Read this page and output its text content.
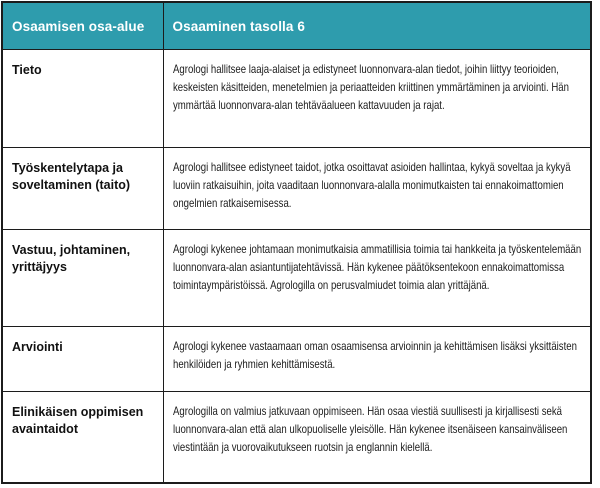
Osaamisen osa-alue	Osaaminen tasolla 6
Tieto	Agrologi hallitsee laaja-alaiset ja edistyneet luonnonvara-alan tiedot, joihin liittyy teorioiden, keskeisten käsitteiden, menetelmien ja periaatteiden kriittinen ymmärtäminen ja arviointi. Hän ymmärtää luonnonvara-alan tehtäväalueen kattavuuden ja rajat.

Työskentelytapa ja soveltaminen (taito)	Agrologi hallitsee edistyneet taidot, jotka osoittavat asioiden hallintaa, kykyä soveltaa ja kykyä luoviin ratkaisuihin, joita vaaditaan luonnonvara-alalla monimutkaisten tai ennakoimattomien ongelmien ratkaisemisessa.

Vastuu, johtaminen, yrittäjyys	Agrologi kykenee johtamaan monimutkaisia ammatillisia toimia tai hankkeita ja työskentelemään luonnonvara-alan asiantuntijatehtävissä. Hän kykenee päätöksentekoon ennakoimattomissa toimintaympäristöissä. Agrologilla on perusvalmiudet toimia alan yrittäjänä.

Arviointi	Agrologi kykenee vastaamaan oman osaamisensa arvioinnin ja kehittämisen lisäksi yksittäisten henkilöiden ja ryhmien kehittämisestä.

Elinikäisen oppimisen avaintaidot	Agrologilla on valmius jatkuvaan oppimiseen. Hän osaa viestiä suullisesti ja kirjallisesti sekä luonnonvara-alan että alan ulkopuoliselle yleisölle. Hän kykenee itsenäiseen kansainväliseen viestintään ja vuorovaikutukseen ruotsin ja englannin kielellä.
